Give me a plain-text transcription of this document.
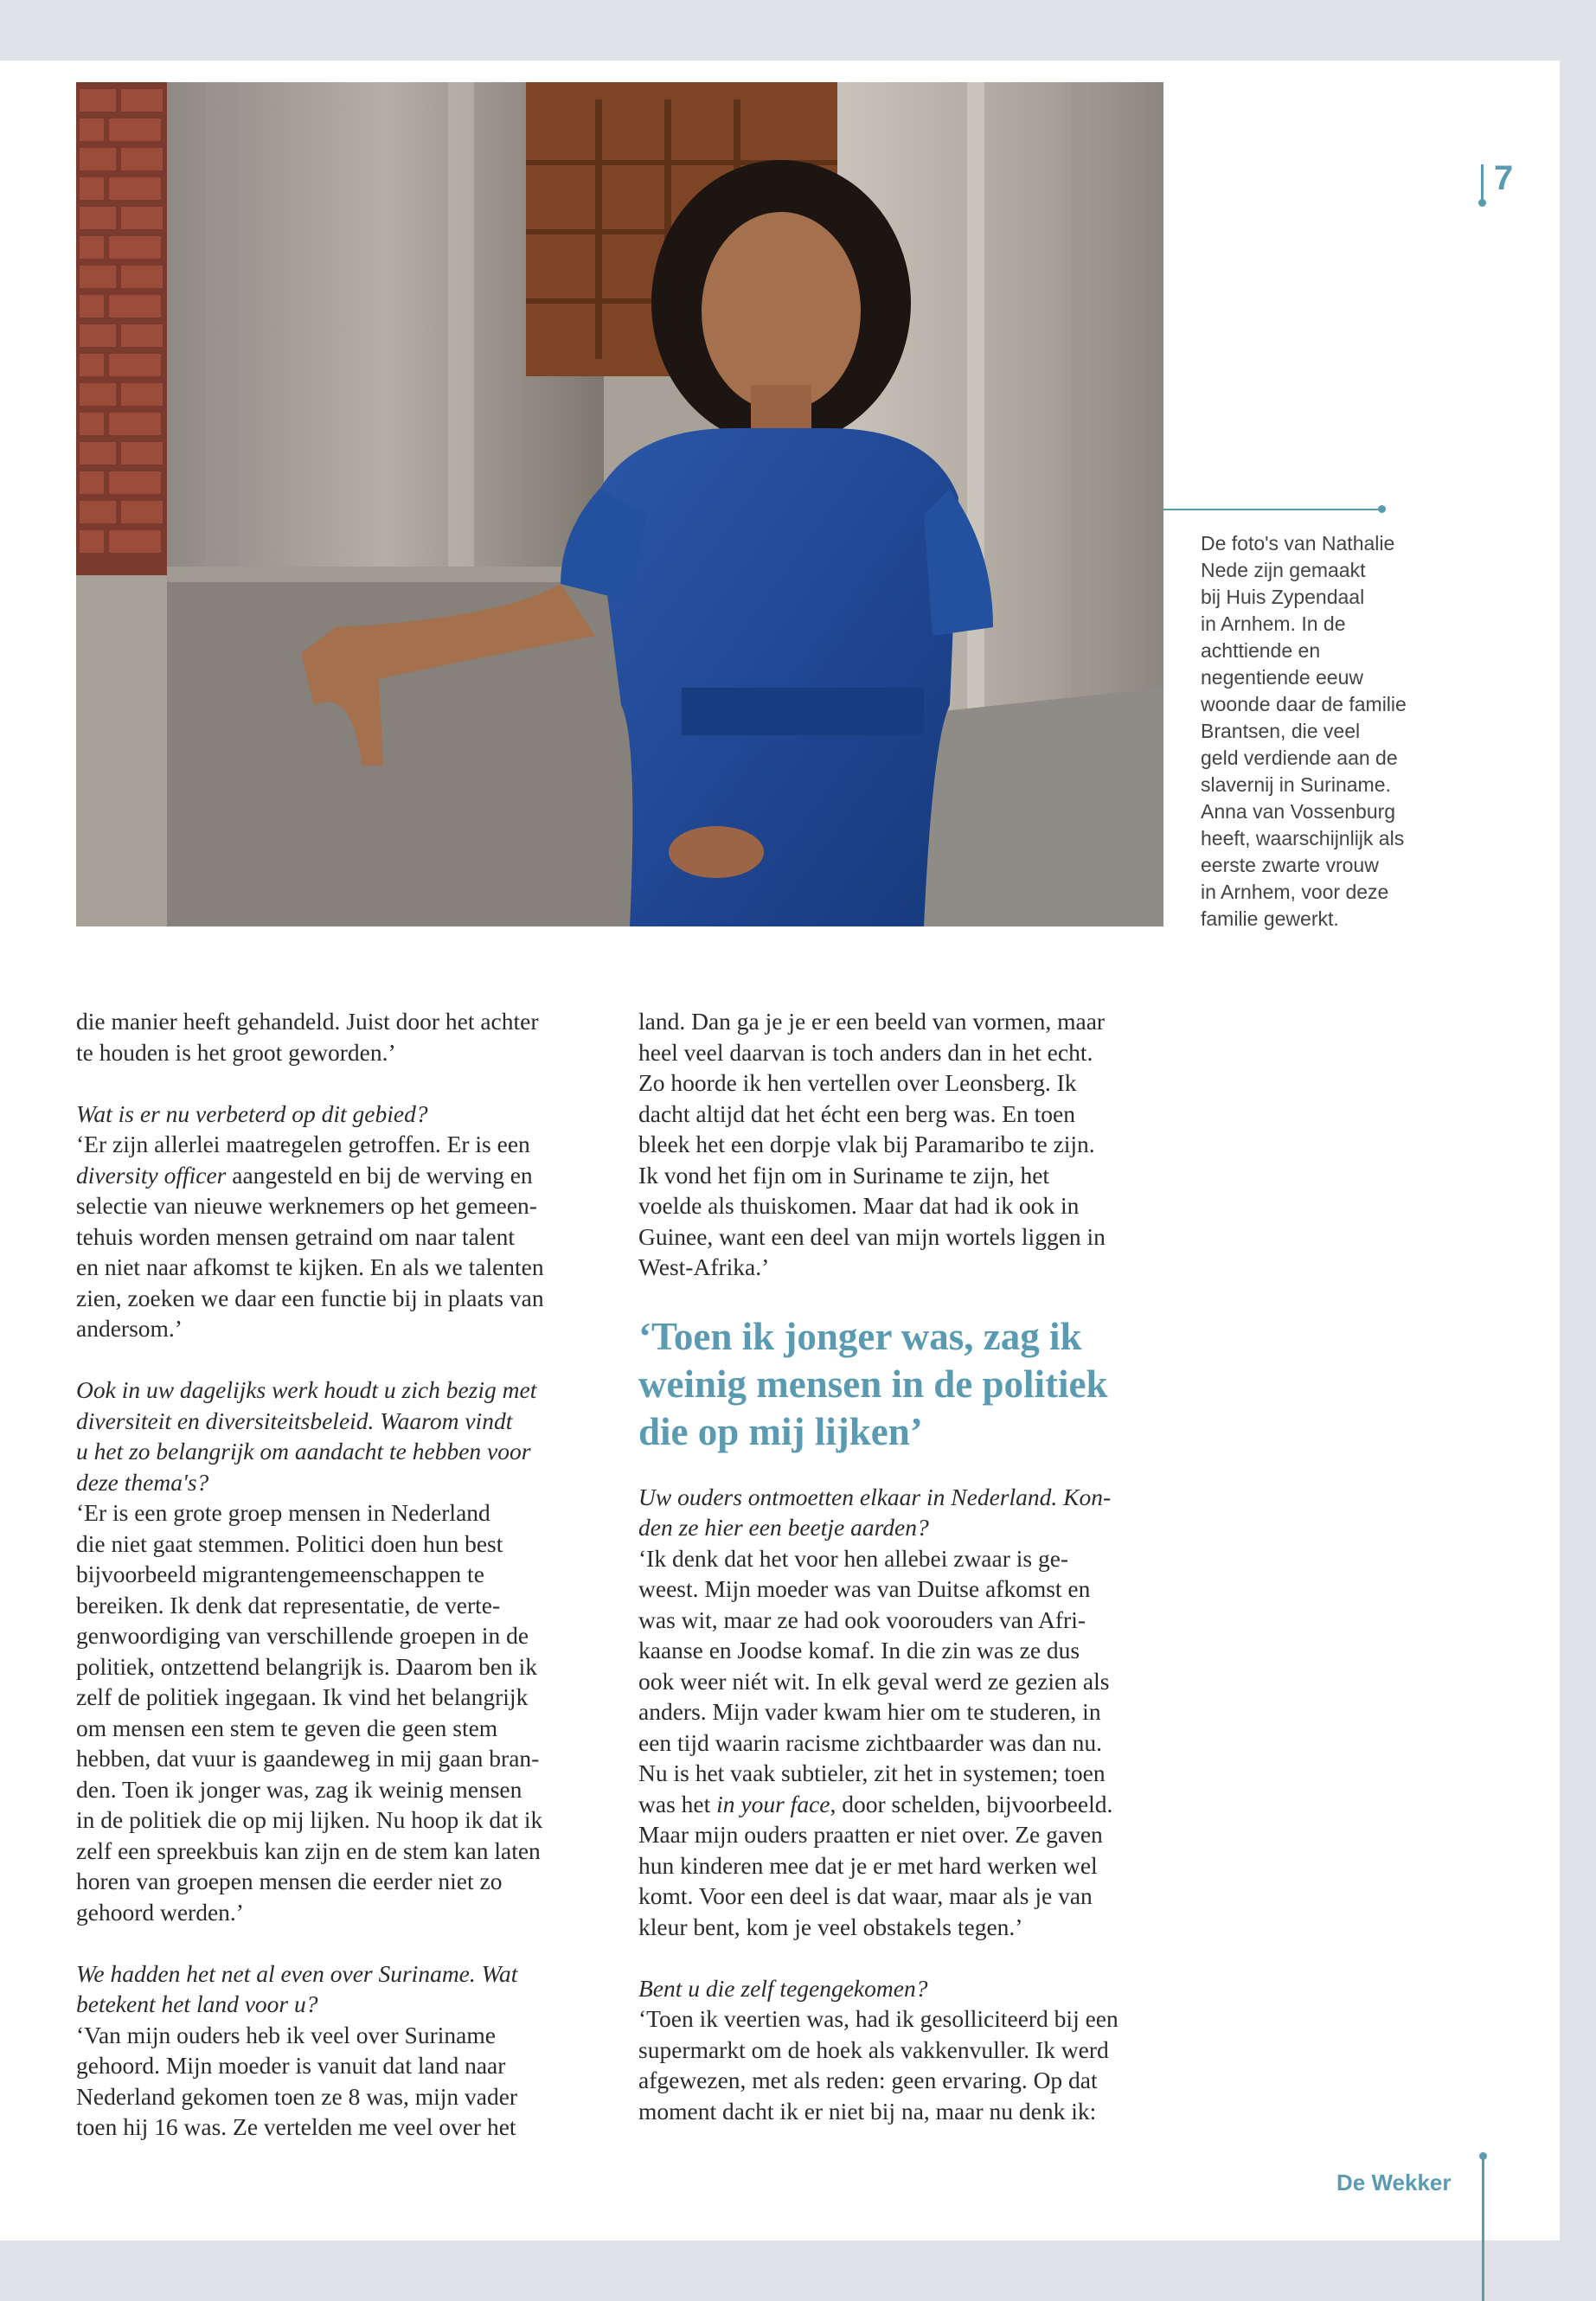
7
De foto's van Nathalie
Nede zijn gemaakt
bij Huis Zypendaal
in Arnhem. In de
achttiende en
negentiende eeuw
woonde daar de familie
Brantsen, die veel
geld verdiende aan de
slavernij in Suriname.
Anna van Vossenburg
heeft, waarschijnlijk als
eerste zwarte vrouw
in Arnhem, voor deze
familie gewerkt.
die manier heeft gehandeld. Juist door het achter
te houden is het groot geworden.’
Wat is er nu verbeterd op dit gebied?
‘Er zijn allerlei maatregelen getroffen. Er is een
diversity officer aangesteld en bij de werving en
selectie van nieuwe werknemers op het gemeen-
tehuis worden mensen getraind om naar talent
en niet naar afkomst te kijken. En als we talenten
zien, zoeken we daar een functie bij in plaats van
andersom.’
Ook in uw dagelijks werk houdt u zich bezig met
diversiteit en diversiteitsbeleid. Waarom vindt
u het zo belangrijk om aandacht te hebben voor
deze thema's?
‘Er is een grote groep mensen in Nederland
die niet gaat stemmen. Politici doen hun best
bijvoorbeeld migrantengemeenschappen te
bereiken. Ik denk dat representatie, de verte-
genwoordiging van verschillende groepen in de
politiek, ontzettend belangrijk is. Daarom ben ik
zelf de politiek ingegaan. Ik vind het belangrijk
om mensen een stem te geven die geen stem
hebben, dat vuur is gaandeweg in mij gaan bran-
den. Toen ik jonger was, zag ik weinig mensen
in de politiek die op mij lijken. Nu hoop ik dat ik
zelf een spreekbuis kan zijn en de stem kan laten
horen van groepen mensen die eerder niet zo
gehoord werden.’
We hadden het net al even over Suriname. Wat
betekent het land voor u?
‘Van mijn ouders heb ik veel over Suriname
gehoord. Mijn moeder is vanuit dat land naar
Nederland gekomen toen ze 8 was, mijn vader
toen hij 16 was. Ze vertelden me veel over het
land. Dan ga je je er een beeld van vormen, maar
heel veel daarvan is toch anders dan in het echt.
Zo hoorde ik hen vertellen over Leonsberg. Ik
dacht altijd dat het écht een berg was. En toen
bleek het een dorpje vlak bij Paramaribo te zijn.
Ik vond het fijn om in Suriname te zijn, het
voelde als thuiskomen. Maar dat had ik ook in
Guinee, want een deel van mijn wortels liggen in
West-Afrika.’
Uw ouders ontmoetten elkaar in Nederland. Kon-
den ze hier een beetje aarden?
‘Ik denk dat het voor hen allebei zwaar is ge-
weest. Mijn moeder was van Duitse afkomst en
was wit, maar ze had ook voorouders van Afri-
kaanse en Joodse komaf. In die zin was ze dus
ook weer niét wit. In elk geval werd ze gezien als
anders. Mijn vader kwam hier om te studeren, in
een tijd waarin racisme zichtbaarder was dan nu.
Nu is het vaak subtieler, zit het in systemen; toen
was het in your face, door schelden, bijvoorbeeld.
Maar mijn ouders praatten er niet over. Ze gaven
hun kinderen mee dat je er met hard werken wel
komt. Voor een deel is dat waar, maar als je van
kleur bent, kom je veel obstakels tegen.’
Bent u die zelf tegengekomen?
‘Toen ik veertien was, had ik gesolliciteerd bij een
supermarkt om de hoek als vakkenvuller. Ik werd
afgewezen, met als reden: geen ervaring. Op dat
moment dacht ik er niet bij na, maar nu denk ik:
‘Toen ik jonger was, zag ik
weinig mensen in de politiek
die op mij lijken’
De Wekker
